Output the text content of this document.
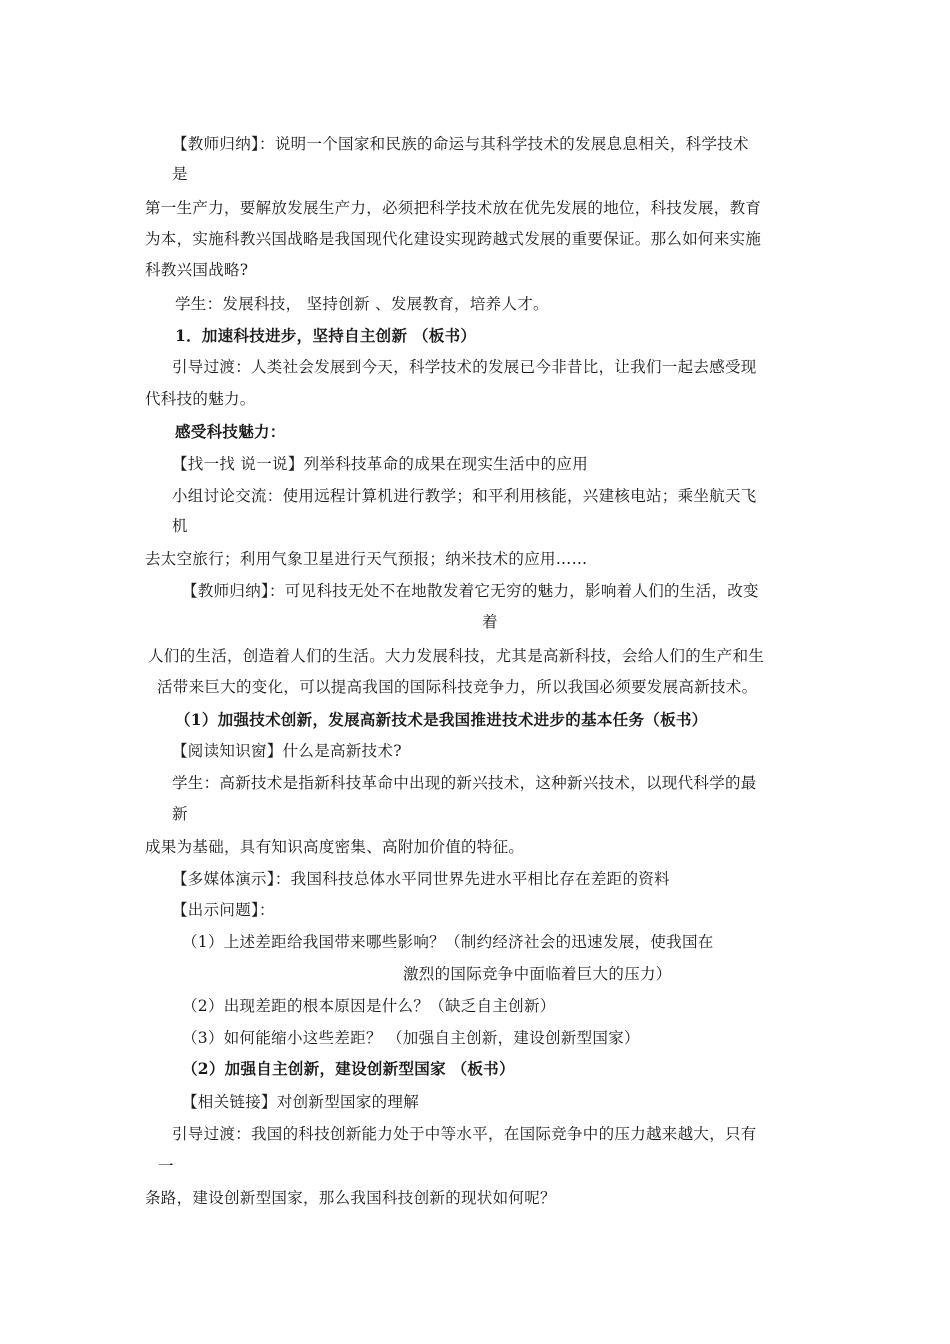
【教师归纳】：说明一个国家和民族的命运与其科学技术的发展息息相关，科学技术
是
第一生产力，要解放发展生产力，必须把科学技术放在优先发展的地位，科技发展，教育
为本，实施科教兴国战略是我国现代化建设实现跨越式发展的重要保证。那么如何来实施
科教兴国战略?
学生：发展科技， 坚持创新 、发展教育，培养人才。
1．加速科技进步，坚持自主创新 （板书）
引导过渡：人类社会发展到今天，科学技术的发展已今非昔比，让我们一起去感受现
代科技的魅力。
感受科技魅力：
【找一找 说一说】列举科技革命的成果在现实生活中的应用
小组讨论交流：使用远程计算机进行教学；和平利用核能，兴建核电站；乘坐航天飞
机
去太空旅行；利用气象卫星进行天气预报；纳米技术的应用……
【教师归纳】：可见科技无处不在地散发着它无穷的魅力，影响着人们的生活，改变
着
人们的生活，创造着人们的生活。大力发展科技，尤其是高新科技，会给人们的生产和生
活带来巨大的变化，可以提高我国的国际科技竞争力，所以我国必须要发展高新技术。
（1）加强技术创新，发展高新技术是我国推进技术进步的基本任务（板书）
【阅读知识窗】什么是高新技术?
学生：高新技术是指新科技革命中出现的新兴技术，这种新兴技术，以现代科学的最
新
成果为基础，具有知识高度密集、高附加价值的特征。
【多媒体演示】：我国科技总体水平同世界先进水平相比存在差距的资料
【出示问题】：
（1）上述差距给我国带来哪些影响？（制约经济社会的迅速发展，使我国在
激烈的国际竞争中面临着巨大的压力）
（2）出现差距的根本原因是什么？（缺乏自主创新）
（3）如何能缩小这些差距？ （加强自主创新，建设创新型国家）
（2）加强自主创新，建设创新型国家 （板书）
【相关链接】对创新型国家的理解
引导过渡：我国的科技创新能力处于中等水平，在国际竞争中的压力越来越大，只有
一
条路，建设创新型国家，那么我国科技创新的现状如何呢？
